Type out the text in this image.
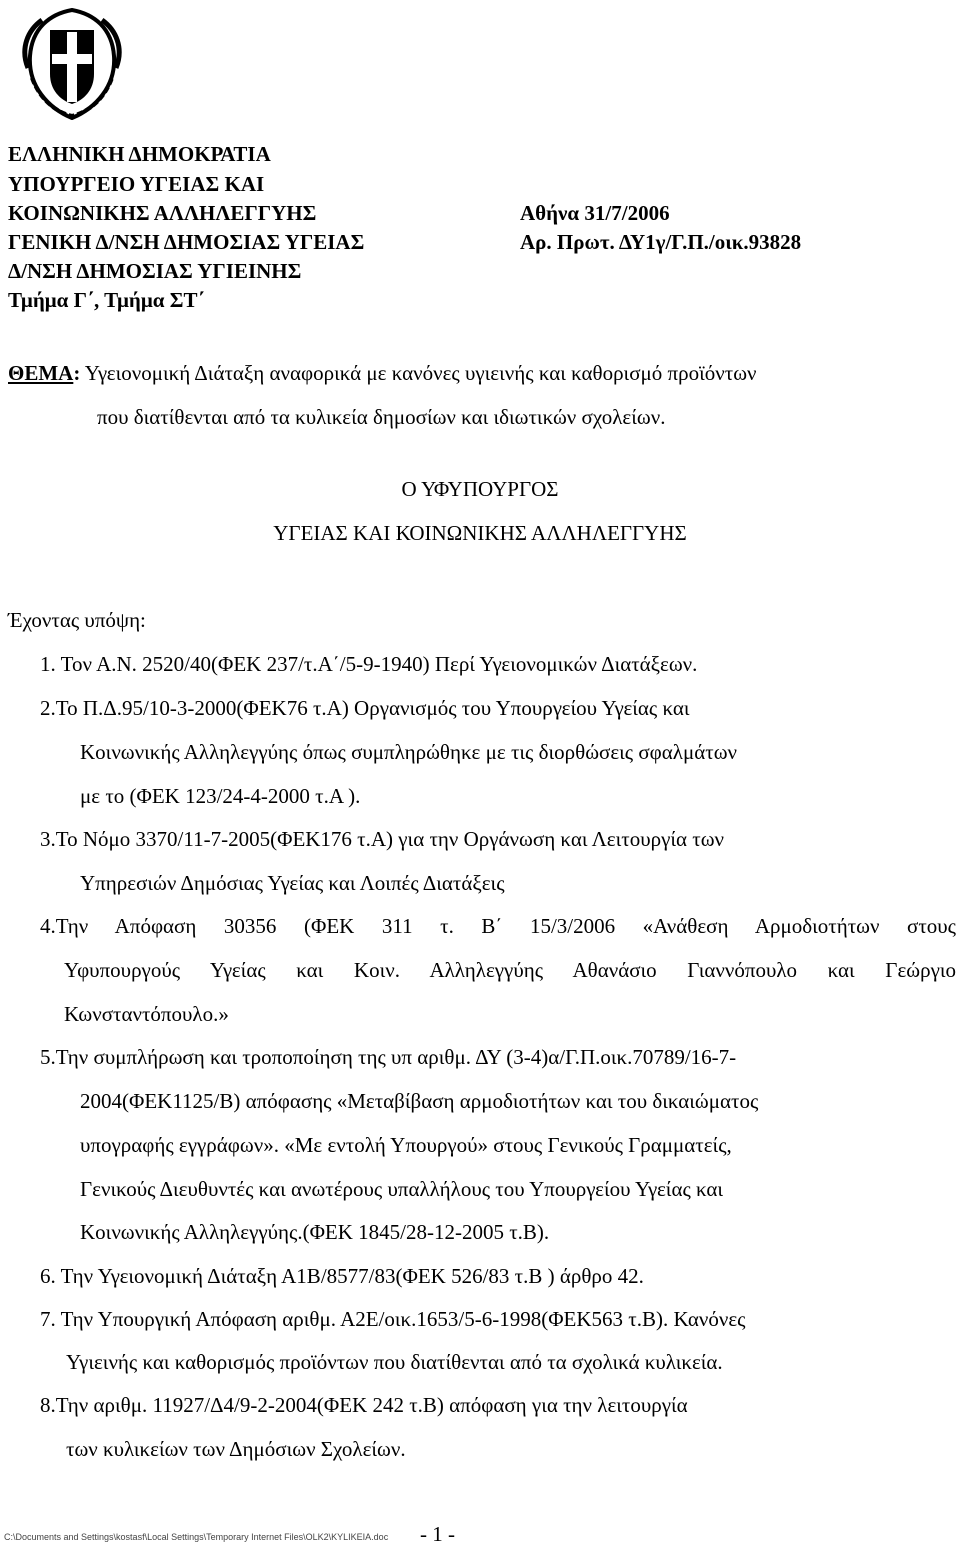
ΕΛΛΗΝΙΚΗ ΔΗΜΟΚΡΑΤΙΑ
ΥΠΟΥΡΓΕΙΟ ΥΓΕΙΑΣ ΚΑΙ
ΚΟΙΝΩΝΙΚΗΣ ΑΛΛΗΛΕΓΓΥΗΣ
ΓΕΝΙΚΗ Δ/ΝΣΗ ΔΗΜΟΣΙΑΣ ΥΓΕΙΑΣ
Δ/ΝΣΗ ΔΗΜΟΣΙΑΣ ΥΓΙΕΙΝΗΣ
Τμήμα Γ΄, Τμήμα ΣΤ΄
Αθήνα 31/7/2006
Αρ. Πρωτ. ΔΥ1γ/Γ.Π./οικ.93828
ΘΕΜΑ: Υγειονομική Διάταξη αναφορικά με κανόνες υγιεινής και καθορισμό προϊόντων
που διατίθενται από τα κυλικεία δημοσίων και ιδιωτικών σχολείων.
Ο ΥΦΥΠΟΥΡΓΟΣ
ΥΓΕΙΑΣ ΚΑΙ ΚΟΙΝΩΝΙΚΗΣ ΑΛΛΗΛΕΓΓΥΗΣ
Έχοντας υπόψη:
1. Τον Α.Ν. 2520/40(ΦΕΚ 237/τ.Α΄/5-9-1940) Περί Υγειονομικών Διατάξεων.
2.Το Π.Δ.95/10-3-2000(ΦΕΚ76 τ.Α) Οργανισμός του Υπουργείου Υγείας και
Κοινωνικής Αλληλεγγύης όπως συμπληρώθηκε με τις διορθώσεις σφαλμάτων
με το (ΦΕΚ 123/24-4-2000 τ.Α ).
3.Το Νόμο 3370/11-7-2005(ΦΕΚ176 τ.Α) για την Οργάνωση και Λειτουργία των
Υπηρεσιών Δημόσιας Υγείας και Λοιπές Διατάξεις
4.Την Απόφαση 30356 (ΦΕΚ 311 τ. Β΄ 15/3/2006 «Ανάθεση Αρμοδιοτήτων στους
Υφυπουργούς Υγείας και Κοιν. Αλληλεγγύης Αθανάσιο Γιαννόπουλο και Γεώργιο
Κωνσταντόπουλο.»
5.Την συμπλήρωση και τροποποίηση της υπ αριθμ. ΔΥ (3-4)α/Γ.Π.οικ.70789/16-7-
2004(ΦΕΚ1125/Β) απόφασης «Μεταβίβαση αρμοδιοτήτων και του δικαιώματος
υπογραφής εγγράφων». «Με εντολή Υπουργού» στους Γενικούς Γραμματείς,
Γενικούς Διευθυντές και ανωτέρους υπαλλήλους του Υπουργείου Υγείας και
Κοινωνικής Αλληλεγγύης.(ΦΕΚ 1845/28-12-2005 τ.Β).
6. Την Υγειονομική Διάταξη Α1Β/8577/83(ΦΕΚ 526/83 τ.Β ) άρθρο 42.
7. Την Υπουργική Απόφαση αριθμ. Α2Ε/οικ.1653/5-6-1998(ΦΕΚ563 τ.Β). Κανόνες
Υγιεινής και καθορισμός προϊόντων που διατίθενται από τα σχολικά κυλικεία.
8.Την αριθμ. 11927/Δ4/9-2-2004(ΦΕΚ 242 τ.Β) απόφαση για την λειτουργία
των κυλικείων των Δημόσιων Σχολείων.
C:\Documents and Settings\kostasf\Local Settings\Temporary Internet Files\OLK2\KYLIKEIA.doc - 1 -
